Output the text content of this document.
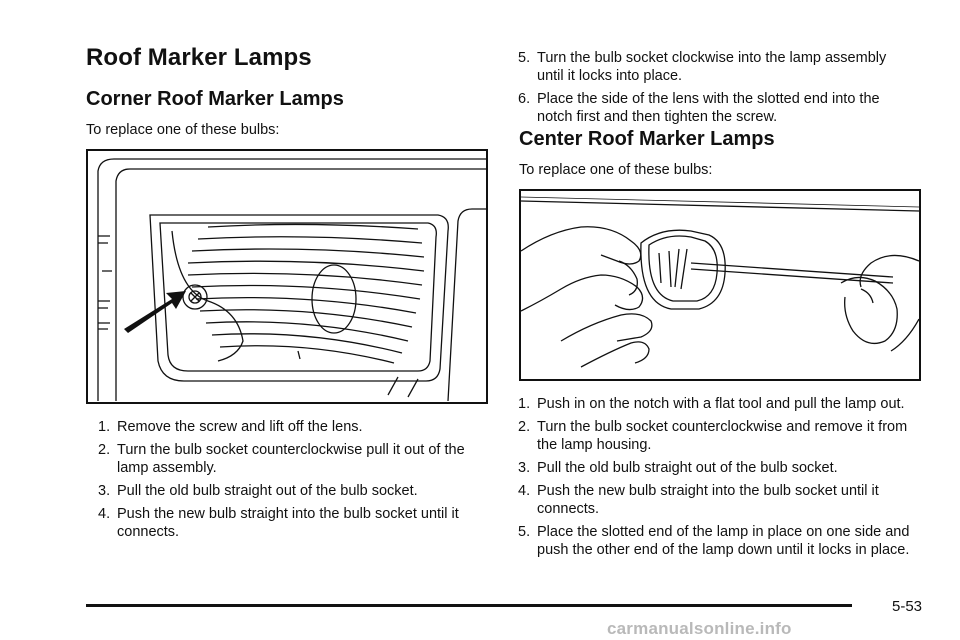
Roof Marker Lamps
Corner Roof Marker Lamps

To replace one of these bulbs:

1. Remove the screw and lift off the lens.
2. Turn the bulb socket counterclockwise pull it out of the lamp assembly.
3. Pull the old bulb straight out of the bulb socket.
4. Push the new bulb straight into the bulb socket until it connects.
5. Turn the bulb socket clockwise into the lamp assembly until it locks into place.
6. Place the side of the lens with the slotted end into the notch first and then tighten the screw.
Center Roof Marker Lamps

To replace one of these bulbs:

1. Push in on the notch with a flat tool and pull the lamp out.
2. Turn the bulb socket counterclockwise and remove it from the lamp housing.
3. Pull the old bulb straight out of the bulb socket.
4. Push the new bulb straight into the bulb socket until it connects.
5. Place the slotted end of the lamp in place on one side and push the other end of the lamp down until it locks in place.
5-53
carmanualsonline.info
